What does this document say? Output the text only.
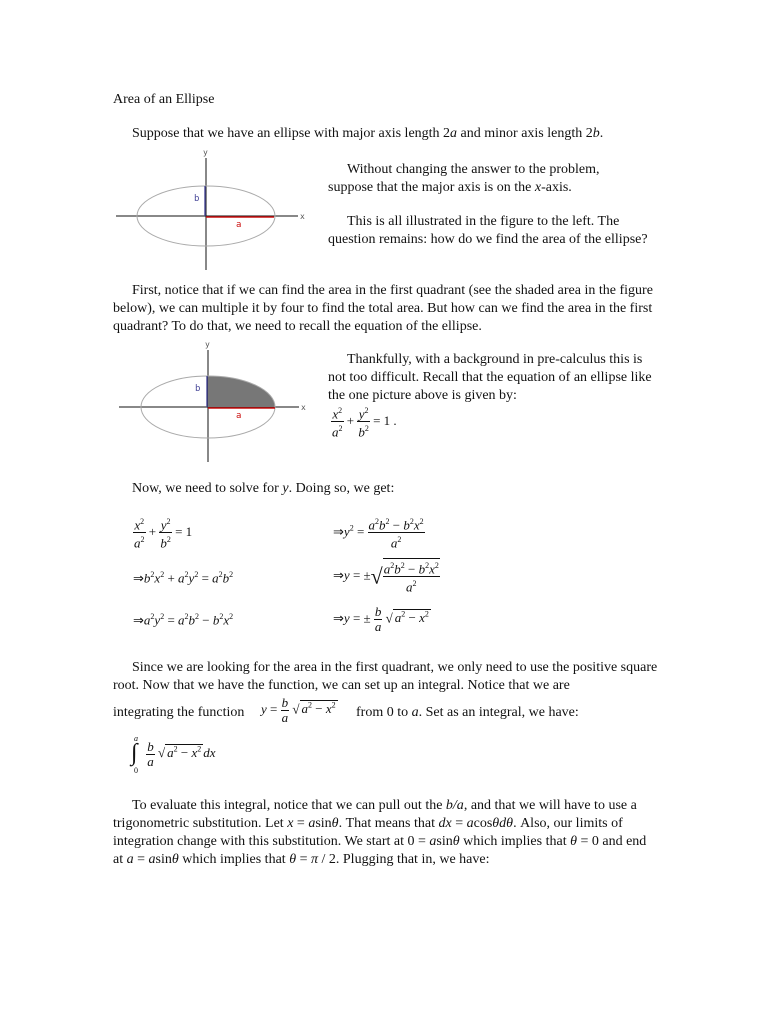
Area of an Ellipse
Suppose that we have an ellipse with major axis length 2a and minor axis length 2b.
y
x
b
a
Without changing the answer to the problem, suppose that the major axis is on the x-axis.
This is all illustrated in the figure to the left. The question remains: how do we find the area of the ellipse?
First, notice that if we can find the area in the first quadrant (see the shaded area in the figure below), we can multiple it by four to find the total area. But how can we find the area in the first quadrant? To do that, we need to recall the equation of the ellipse.
y
x
b
a
Thankfully, with a background in pre-calculus this is not too difficult. Recall that the equation of an ellipse like the one picture above is given by:
$\frac{x^2}{a^2} + \frac{y^2}{b^2} = 1$ .
Now, we need to solve for y. Doing so, we get:
$\frac{x^2}{a^2} + \frac{y^2}{b^2} = 1$	$\Rightarrow y^2 = \frac{a^2b^2 - b^2x^2}{a^2}$
$\Rightarrow b^2x^2 + a^2y^2 = a^2b^2$	⇒y = ±√ $\frac{a^2b^2 - b^2x^2}{a^2}$
$\Rightarrow a^2y^2 = a^2b^2 - b^2x^2$	⇒y = ± $\frac{b}{a}$ √ $a^2 - x^2$
Since we are looking for the area in the first quadrant, we only need to use the positive square root. Now that we have the function, we can set up an integral. Notice that we are
integrating the function $y = \frac{b}{a}$ √ $a^2 - x^2$ from 0 to a. Set as an integral, we have:
a
∫
0

$\frac{b}{a}$ √ $a^2 - x^2$ dx
To evaluate this integral, notice that we can pull out the b/a, and that we will have to use a trigonometric substitution. Let x = asinθ. That means that dx = acosθdθ. Also, our limits of integration change with this substitution. We start at 0 = asinθ which implies that θ = 0 and end at a = asinθ which implies that θ = π / 2. Plugging that in, we have:
